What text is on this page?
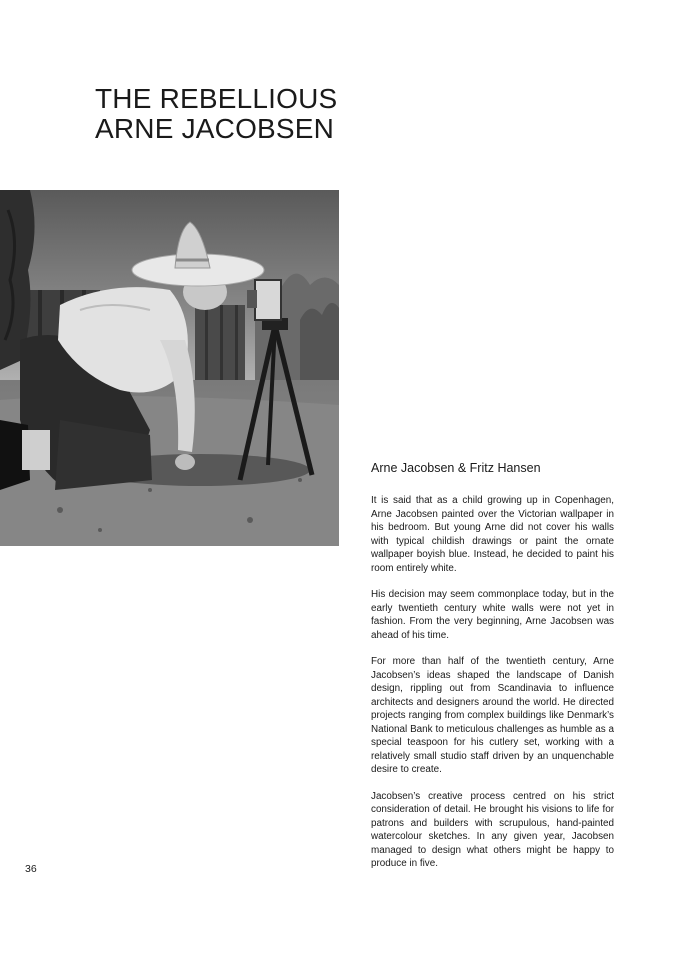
THE REBELLIOUS
ARNE JACOBSEN
Arne Jacobsen & Fritz Hansen

It is said that as a child growing up in Copenhagen, Arne Jacobsen painted over the Victorian wallpaper in his bedroom. But young Arne did not cover his walls with typical childish drawings or paint the ornate wallpaper boyish blue. Instead, he decided to paint his room entirely white.

His decision may seem commonplace today, but in the early twentieth century white walls were not yet in fashion. From the very beginning, Arne Jacobsen was ahead of his time.

For more than half of the twentieth century, Arne Jacobsen’s ideas shaped the landscape of Danish design, rippling out from Scandinavia to influence architects and designers around the world. He directed projects ranging from complex buildings like Denmark’s National Bank to meticulous challenges as humble as a special teaspoon for his cutlery set, working with a relatively small studio staff driven by an unquenchable desire to create.

Jacobsen’s creative process centred on his strict consideration of detail. He brought his visions to life for patrons and builders with scrupulous, hand-painted watercolour sketches. In any given year, Jacobsen managed to design what others might be happy to produce in five.

36
